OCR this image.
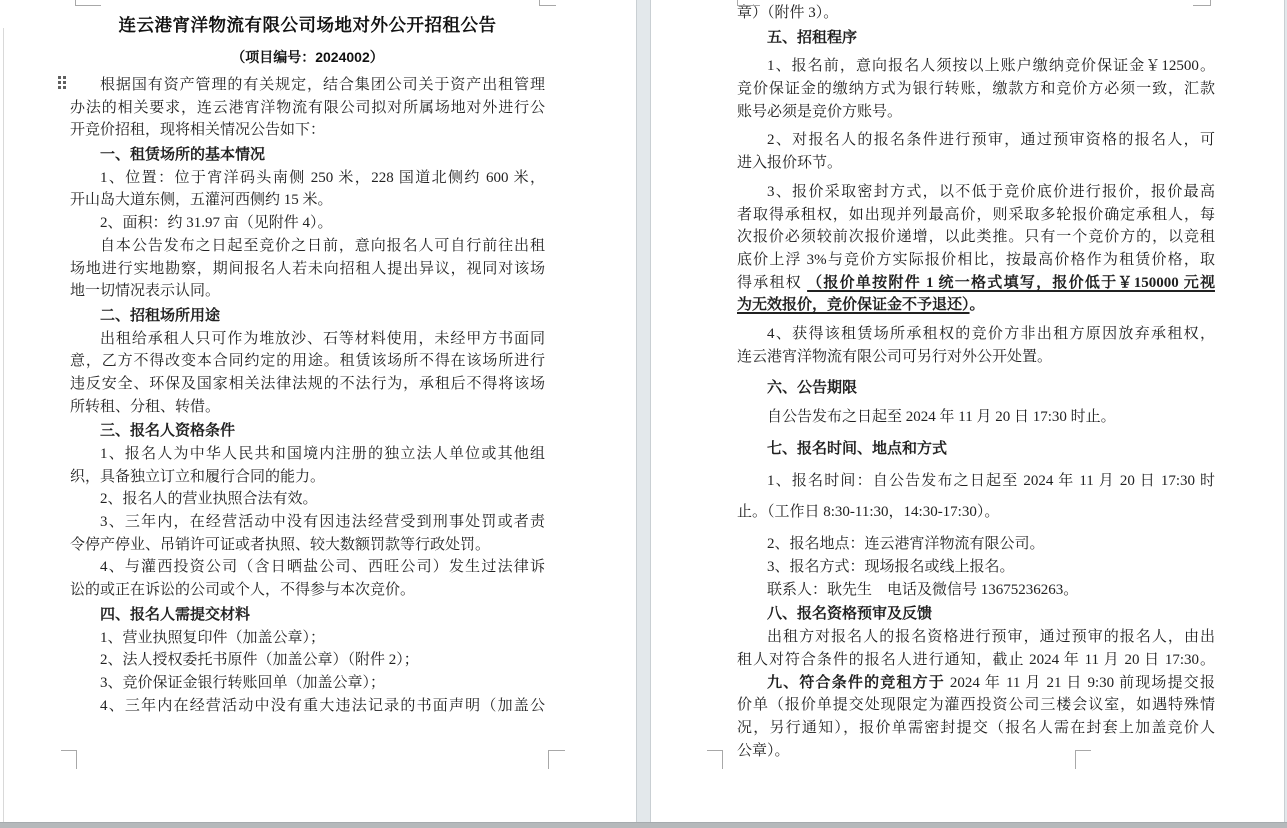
连云港宵洋物流有限公司场地对外公开招租公告
（项目编号：2024002）
根据国有资产管理的有关规定，结合集团公司关于资产出租管理
办法的相关要求，连云港宵洋物流有限公司拟对所属场地对外进行公
开竞价招租，现将相关情况公告如下：
一、租赁场所的基本情况
1、位置：位于宵洋码头南侧 250 米，228 国道北侧约 600 米，
开山岛大道东侧，五灌河西侧约 15 米。
2、面积：约 31.97 亩（见附件 4）。
自本公告发布之日起至竞价之日前，意向报名人可自行前往出租
场地进行实地勘察，期间报名人若未向招租人提出异议，视同对该场
地一切情况表示认同。
二、招租场所用途
出租给承租人只可作为堆放沙、石等材料使用，未经甲方书面同
意，乙方不得改变本合同约定的用途。租赁该场所不得在该场所进行
违反安全、环保及国家相关法律法规的不法行为，承租后不得将该场
所转租、分租、转借。
三、报名人资格条件
1、报名人为中华人民共和国境内注册的独立法人单位或其他组
织，具备独立订立和履行合同的能力。
2、报名人的营业执照合法有效。
3、三年内，在经营活动中没有因违法经营受到刑事处罚或者责
令停产停业、吊销许可证或者执照、较大数额罚款等行政处罚。
4、与灌西投资公司（含日晒盐公司、西旺公司）发生过法律诉
讼的或正在诉讼的公司或个人，不得参与本次竞价。
四、报名人需提交材料
1、营业执照复印件（加盖公章）；
2、法人授权委托书原件（加盖公章）（附件 2）；
3、竞价保证金银行转账回单（加盖公章）；
4、三年内在经营活动中没有重大违法记录的书面声明（加盖公
章）（附件 3）。
五、招租程序
1、报名前，意向报名人须按以上账户缴纳竞价保证金￥12500。
竞价保证金的缴纳方式为银行转账，缴款方和竞价方必须一致，汇款
账号必须是竞价方账号。
2、对报名人的报名条件进行预审，通过预审资格的报名人，可
进入报价环节。
3、报价采取密封方式，以不低于竞价底价进行报价，报价最高
者取得承租权，如出现并列最高价，则采取多轮报价确定承租人，每
次报价必须较前次报价递增，以此类推。只有一个竞价方的，以竞租
底价上浮 3%与竞价方实际报价相比，按最高价格作为租赁价格，取
得承租权 （报价单按附件 1 统一格式填写，报价低于￥150000 元视
为无效报价，竞价保证金不予退还）。
4、获得该租赁场所承租权的竞价方非出租方原因放弃承租权，
连云港宵洋物流有限公司可另行对外公开处置。
六、公告期限
自公告发布之日起至 2024 年 11 月 20 日 17:30 时止。
七、报名时间、地点和方式
1、报名时间：自公告发布之日起至 2024 年 11 月 20 日 17:30 时
止。（工作日 8:30-11:30，14:30-17:30）。
2、报名地点：连云港宵洋物流有限公司。
3、报名方式：现场报名或线上报名。
联系人：耿先生　电话及微信号 13675236263。
八、报名资格预审及反馈
出租方对报名人的报名资格进行预审，通过预审的报名人，由出
租人对符合条件的报名人进行通知，截止 2024 年 11 月 20 日 17:30。
九、符合条件的竞租方于 2024 年 11 月 21 日 9:30 前现场提交报
价单（报价单提交处现限定为灌西投资公司三楼会议室，如遇特殊情
况，另行通知），报价单需密封提交（报名人需在封套上加盖竞价人
公章）。
